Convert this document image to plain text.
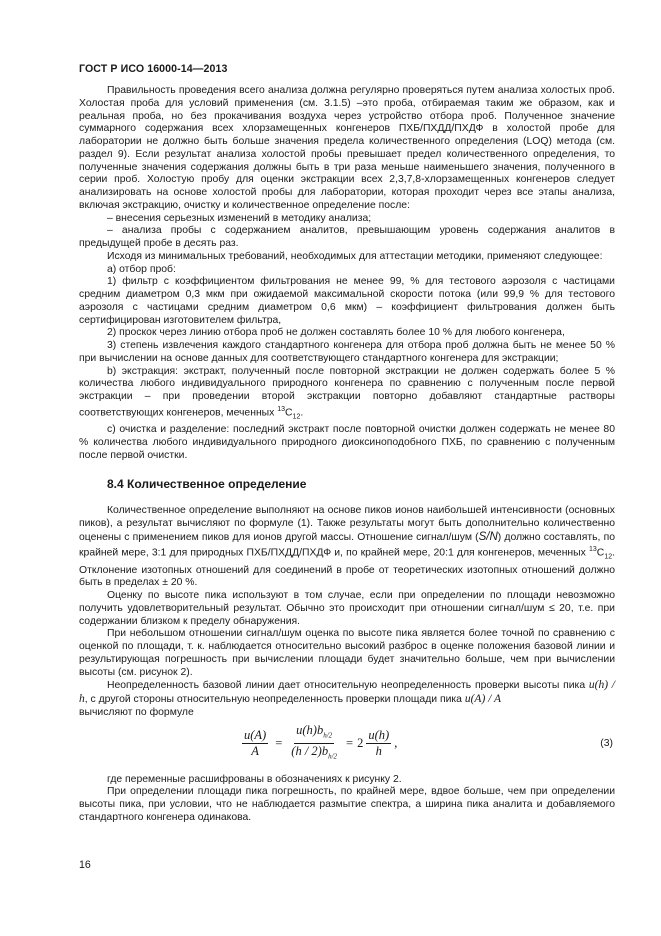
ГОСТ Р ИСО 16000-14—2013

Правильность проведения всего анализа должна регулярно проверяться путем анализа холостых проб. Холостая проба для условий применения (см. 3.1.5) –это проба, отбираемая таким же образом, как и реальная проба, но без прокачивания воздуха через устройство отбора проб. Полученное значение суммарного содержания всех хлорзамещенных конгенеров ПХБ/ПХДД/ПХДФ в холостой пробе для лаборатории не должно быть больше значения предела количественного определения (LOQ) метода (см. раздел 9). Если результат анализа холостой пробы превышает предел количественного определения, то полученные значения содержания должны быть в три раза меньше наименьшего значения, полученного в серии проб. Холостую пробу для оценки экстракции всех 2,3,7,8-хлорзамещенных конгенеров следует анализировать на основе холостой пробы для лаборатории, которая проходит через все этапы анализа, включая экстракцию, очистку и количественное определение после:

– внесения серьезных изменений в методику анализа;

– анализа пробы с содержанием аналитов, превышающим уровень содержания аналитов в предыдущей пробе в десять раз.

Исходя из минимальных требований, необходимых для аттестации методики, применяют следующее:

а) отбор проб:

1) фильтр с коэффициентом фильтрования не менее 99, % для тестового аэрозоля с частицами средним диаметром 0,3 мкм при ожидаемой максимальной скорости потока (или 99,9 % для тестового аэрозоля с частицами средним диаметром 0,6 мкм) – коэффициент фильтрования должен быть сертифицирован изготовителем фильтра,

2) проскок через линию отбора проб не должен составлять более 10 % для любого конгенера,

3) степень извлечения каждого стандартного конгенера для отбора проб должна быть не менее 50 % при вычислении на основе данных для соответствующего стандартного конгенера для экстракции;

b) экстракция: экстракт, полученный после повторной экстракции не должен содержать более 5 % количества любого индивидуального природного конгенера по сравнению с полученным после первой экстракции – при проведении второй экстракции повторно добавляют стандартные растворы соответствующих конгенеров, меченных $^{13}C_{12}$.

с) очистка и разделение: последний экстракт после повторной очистки должен содержать не менее 80 % количества любого индивидуального природного диоксиноподобного ПХБ, по сравнению с полученным после первой очистки.

8.4 Количественное определение

Количественное определение выполняют на основе пиков ионов наибольшей интенсивности (основных пиков), а результат вычисляют по формуле (1). Также результаты могут быть дополнительно количественно оценены с применением пиков для ионов другой массы. Отношение сигнал/шум (S/N) должно составлять, по крайней мере, 3:1 для природных ПХБ/ПХДД/ПХДФ и, по крайней мере, 20:1 для конгенеров, меченных $^{13}C_{12}$. Отклонение изотопных отношений для соединений в пробе от теоретических изотопных отношений должно быть в пределах ± 20 %.

Оценку по высоте пика используют в том случае, если при определении по площади невозможно получить удовлетворительный результат. Обычно это происходит при отношении сигнал/шум ≤ 20, т.е. при содержании близком к пределу обнаружения.

При небольшом отношении сигнал/шум оценка по высоте пика является более точной по сравнению с оценкой по площади, т. к. наблюдается относительно высокий разброс в оценке положения базовой линии и результирующая погрешность при вычислении площади будет значительно больше, чем при вычислении высоты (см. рисунок 2).

Неопределенность базовой линии дает относительную неопределенность проверки высоты пика u(h) / h, с другой стороны относительную неопределенность проверки площади пика u(A) / A

вычисляют по формуле

$\frac{u(A)}{A} = \frac{u(h)b_{h/2}}{(h / 2)b_{h/2}} = 2 \frac{u(h)}{h}$ ,	(3)

где переменные расшифрованы в обозначениях к рисунку 2.

При определении площади пика погрешность, по крайней мере, вдвое больше, чем при определении высоты пика, при условии, что не наблюдается размытие спектра, а ширина пика аналита и добавляемого стандартного конгенера одинакова.

16
